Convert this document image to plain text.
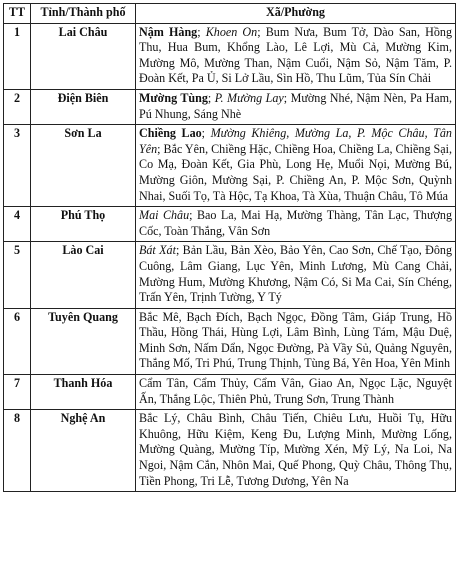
TT	Tỉnh/Thành phố	Xã/Phường
1	Lai Châu	Nậm Hàng; Khoen On; Bum Nưa, Bum Tở, Dào San, Hồng Thu, Hua Bum, Khổng Lào, Lê Lợi, Mù Cả, Mường Kim, Mường Mô, Mường Than, Nậm Cuổi, Nậm Sỏ, Nậm Tăm, P. Đoàn Kết, Pa Ủ, Si Lở Lầu, Sìn Hồ, Thu Lũm, Tủa Sín Chải
2	Điện Biên	Mường Tùng; P. Mường Lay; Mường Nhé, Nậm Nèn, Pa Ham, Pú Nhung, Sáng Nhè
3	Sơn La	Chiềng Lao; Mường Khiêng, Mường La, P. Mộc Châu, Tân Yên; Bắc Yên, Chiềng Hặc, Chiềng Hoa, Chiềng La, Chiềng Sại, Co Mạ, Đoàn Kết, Gia Phù, Long Hẹ, Muổi Nọi, Mường Bú, Mường Giôn, Mường Sại, P. Chiềng An, P. Mộc Sơn, Quỳnh Nhai, Suối Tọ, Tà Hộc, Tạ Khoa, Tà Xùa, Thuận Châu, Tô Múa
4	Phú Thọ	Mai Châu; Bao La, Mai Hạ, Mường Thàng, Tân Lạc, Thượng Cốc, Toàn Thắng, Vân Sơn
5	Lào Cai	Bát Xát; Bản Lầu, Bản Xèo, Bảo Yên, Cao Sơn, Chế Tạo, Đông Cuông, Lâm Giang, Lục Yên, Minh Lương, Mù Cang Chải, Mường Hum, Mường Khương, Nậm Có, Si Ma Cai, Sín Chéng, Trấn Yên, Trịnh Tường, Y Tý
6	Tuyên Quang	Bắc Mê, Bạch Đích, Bạch Ngọc, Đồng Tâm, Giáp Trung, Hồ Thầu, Hồng Thái, Hùng Lợi, Lâm Bình, Lùng Tám, Mậu Duệ, Minh Sơn, Nấm Dẩn, Ngọc Đường, Pà Vầy Sủ, Quảng Nguyên, Thắng Mố, Tri Phú, Trung Thịnh, Tùng Bá, Yên Hoa, Yên Minh
7	Thanh Hóa	Cẩm Tân, Cẩm Thủy, Cẩm Vân, Giao An, Ngọc Lặc, Nguyệt Ấn, Thắng Lộc, Thiên Phủ, Trung Sơn, Trung Thành
8	Nghệ An	Bắc Lý, Châu Bình, Châu Tiến, Chiêu Lưu, Huồi Tụ, Hữu Khuông, Hữu Kiệm, Keng Đu, Lượng Minh, Mường Lống, Mường Quàng, Mường Típ, Mường Xén, Mỹ Lý, Na Loi, Na Ngoi, Nậm Cắn, Nhôn Mai, Quế Phong, Quỳ Châu, Thông Thụ, Tiền Phong, Tri Lễ, Tương Dương, Yên Na
